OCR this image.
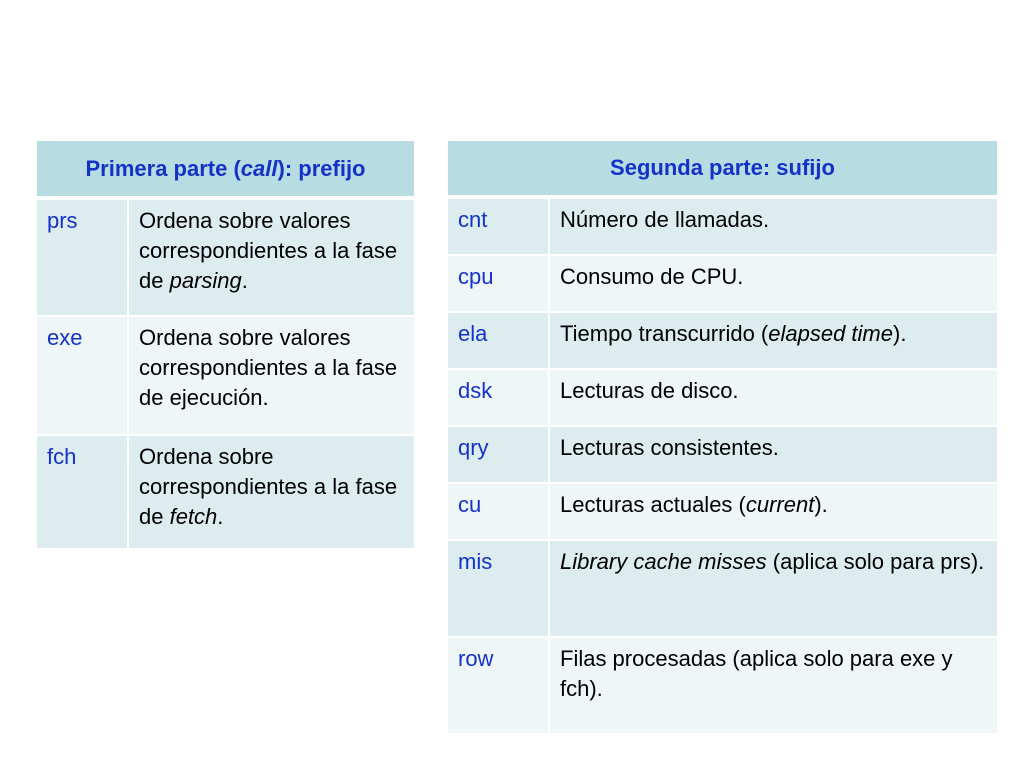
Primera parte (call): prefijo	
prs	Ordena sobre valores correspondientes a la fase de parsing.
exe	Ordena sobre valores correspondientes a la fase de ejecución.
fch	Ordena sobre correspondientes a la fase de fetch.
Segunda parte: sufijo	
cnt	Número de llamadas.
cpu	Consumo de CPU.
ela	Tiempo transcurrido (elapsed time).
dsk	Lecturas de disco.
qry	Lecturas consistentes.
cu	Lecturas actuales (current).
mis	Library cache misses (aplica solo para prs).
row	Filas procesadas (aplica solo para exe y fch).
